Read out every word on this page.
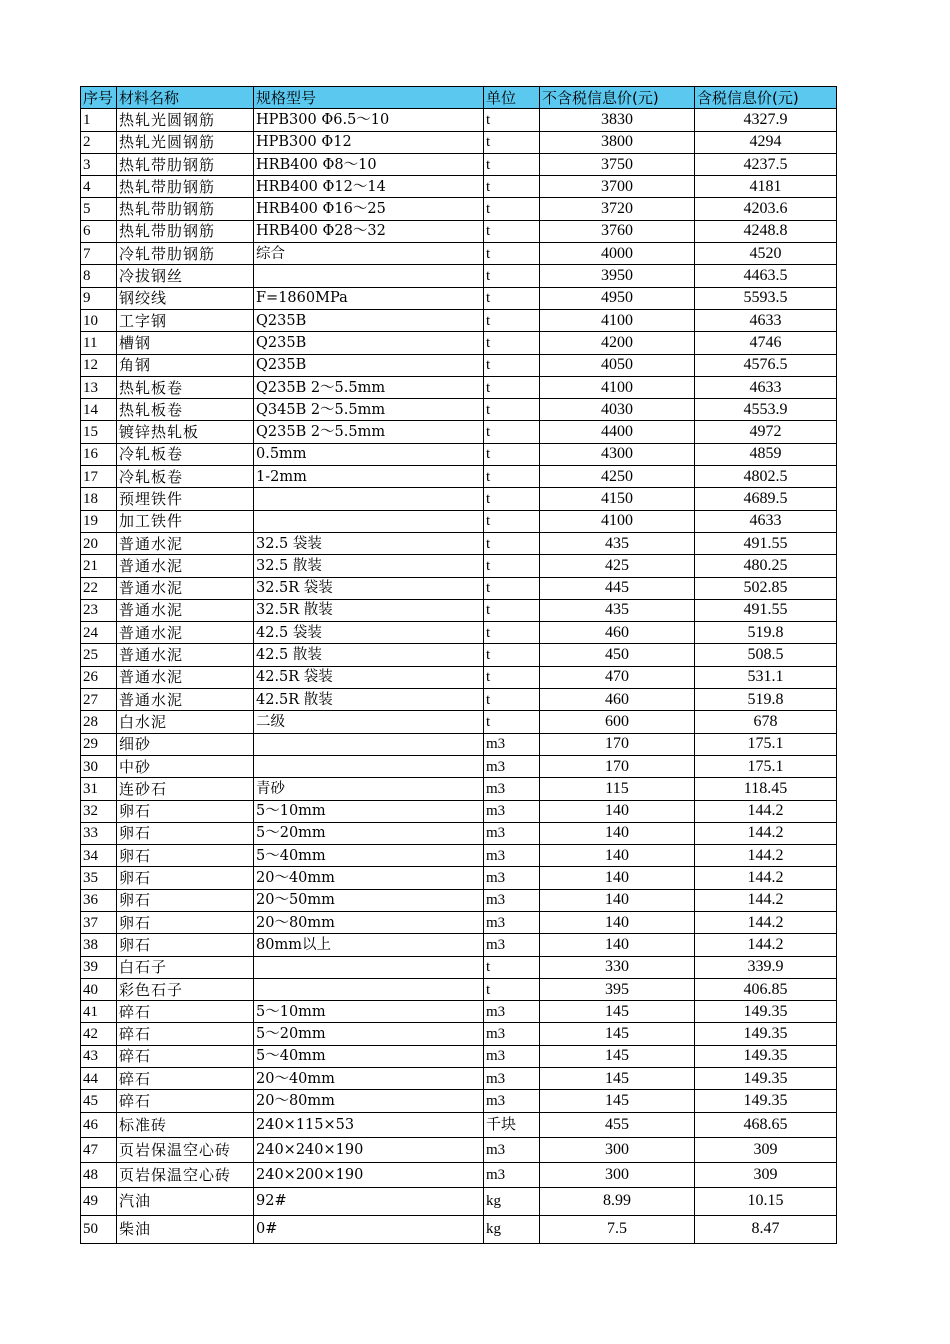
序号	材料名称	规格型号	单位	不含税信息价(元)	含税信息价(元)
1	热轧光圆钢筋	HPB300 Φ6.5～10	t	3830	4327.9
2	热轧光圆钢筋	HPB300 Φ12	t	3800	4294
3	热轧带肋钢筋	HRB400 Φ8～10	t	3750	4237.5
4	热轧带肋钢筋	HRB400 Φ12～14	t	3700	4181
5	热轧带肋钢筋	HRB400 Φ16～25	t	3720	4203.6
6	热轧带肋钢筋	HRB400 Φ28～32	t	3760	4248.8
7	冷轧带肋钢筋	综合	t	4000	4520
8	冷拔钢丝		t	3950	4463.5
9	钢绞线	F=1860MPa	t	4950	5593.5
10	工字钢	Q235B	t	4100	4633
11	槽钢	Q235B	t	4200	4746
12	角钢	Q235B	t	4050	4576.5
13	热轧板卷	Q235B 2～5.5mm	t	4100	4633
14	热轧板卷	Q345B 2～5.5mm	t	4030	4553.9
15	镀锌热轧板	Q235B 2～5.5mm	t	4400	4972
16	冷轧板卷	0.5mm	t	4300	4859
17	冷轧板卷	1-2mm	t	4250	4802.5
18	预埋铁件		t	4150	4689.5
19	加工铁件		t	4100	4633
20	普通水泥	32.5 袋装	t	435	491.55
21	普通水泥	32.5 散装	t	425	480.25
22	普通水泥	32.5R 袋装	t	445	502.85
23	普通水泥	32.5R 散装	t	435	491.55
24	普通水泥	42.5 袋装	t	460	519.8
25	普通水泥	42.5 散装	t	450	508.5
26	普通水泥	42.5R 袋装	t	470	531.1
27	普通水泥	42.5R 散装	t	460	519.8
28	白水泥	二级	t	600	678
29	细砂		m3	170	175.1
30	中砂		m3	170	175.1
31	连砂石	青砂	m3	115	118.45
32	卵石	5～10mm	m3	140	144.2
33	卵石	5～20mm	m3	140	144.2
34	卵石	5～40mm	m3	140	144.2
35	卵石	20～40mm	m3	140	144.2
36	卵石	20～50mm	m3	140	144.2
37	卵石	20～80mm	m3	140	144.2
38	卵石	80mm以上	m3	140	144.2
39	白石子		t	330	339.9
40	彩色石子		t	395	406.85
41	碎石	5～10mm	m3	145	149.35
42	碎石	5～20mm	m3	145	149.35
43	碎石	5～40mm	m3	145	149.35
44	碎石	20～40mm	m3	145	149.35
45	碎石	20～80mm	m3	145	149.35
46	标准砖	240×115×53	千块	455	468.65
47	页岩保温空心砖	240×240×190	m3	300	309
48	页岩保温空心砖	240×200×190	m3	300	309
49	汽油	92#	kg	8.99	10.15
50	柴油	0#	kg	7.5	8.47
